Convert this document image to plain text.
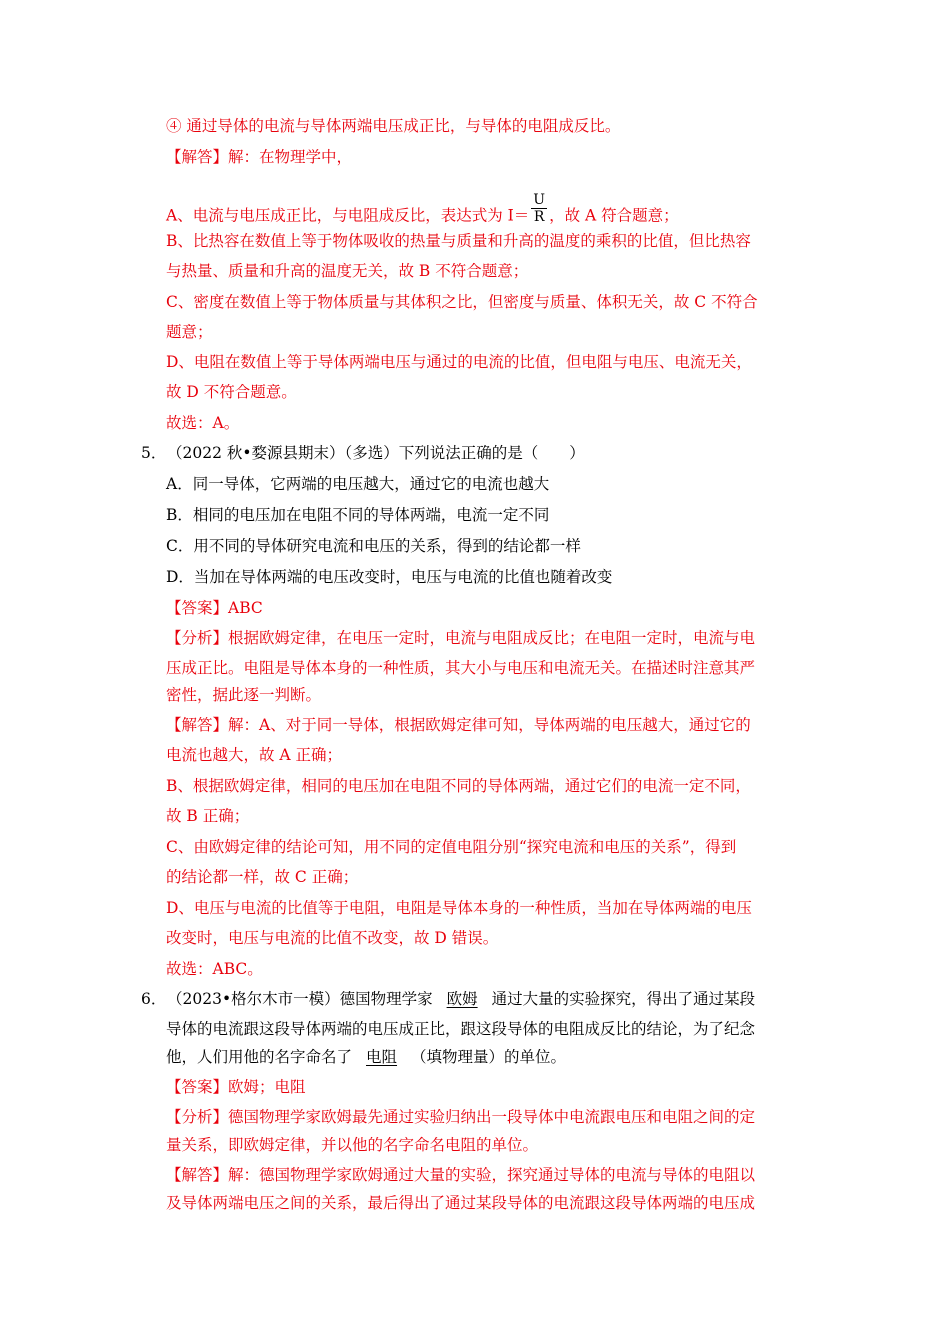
④ 通过导体的电流与导体两端电压成正比，与导体的电阻成反比。
【解答】解：在物理学中，
A、电流与电压成正比，与电阻成反比，表达式为 $I= \frac{U}{R}$ ，故 A 符合题意；
B、比热容在数值上等于物体吸收的热量与质量和升高的温度的乘积的比值，但比热容
与热量、质量和升高的温度无关，故 B 不符合题意；
C、密度在数值上等于物体质量与其体积之比，但密度与质量、体积无关，故 C 不符合
题意；
D、电阻在数值上等于导体两端电压与通过的电流的比值，但电阻与电压、电流无关，
故 D 不符合题意。
故选：A。
5．（2022 秋•婺源县期末）（多选）下列说法正确的是（　　）
A．同一导体，它两端的电压越大，通过它的电流也越大
B．相同的电压加在电阻不同的导体两端，电流一定不同
C．用不同的导体研究电流和电压的关系，得到的结论都一样
D．当加在导体两端的电压改变时，电压与电流的比值也随着改变
【答案】ABC
【分析】根据欧姆定律，在电压一定时，电流与电阻成反比；在电阻一定时，电流与电
压成正比。电阻是导体本身的一种性质，其大小与电压和电流无关。在描述时注意其严
密性，据此逐一判断。
【解答】解：A、对于同一导体，根据欧姆定律可知，导体两端的电压越大，通过它的
电流也越大，故 A 正确；
B、根据欧姆定律，相同的电压加在电阻不同的导体两端，通过它们的电流一定不同，
故 B 正确；
C、由欧姆定律的结论可知，用不同的定值电阻分别“探究电流和电压的关系”，得到
的结论都一样，故 C 正确；
D、电压与电流的比值等于电阻，电阻是导体本身的一种性质，当加在导体两端的电压
改变时，电压与电流的比值不改变，故 D 错误。
故选：ABC。
6．（2023•格尔木市一模）德国物理学家 欧姆 通过大量的实验探究，得出了通过某段
导体的电流跟这段导体两端的电压成正比，跟这段导体的电阻成反比的结论，为了纪念
他，人们用他的名字命名了 电阻 （填物理量）的单位。
【答案】欧姆；电阻
【分析】德国物理学家欧姆最先通过实验归纳出一段导体中电流跟电压和电阻之间的定
量关系，即欧姆定律，并以他的名字命名电阻的单位。
【解答】解：德国物理学家欧姆通过大量的实验，探究通过导体的电流与导体的电阻以
及导体两端电压之间的关系，最后得出了通过某段导体的电流跟这段导体两端的电压成
